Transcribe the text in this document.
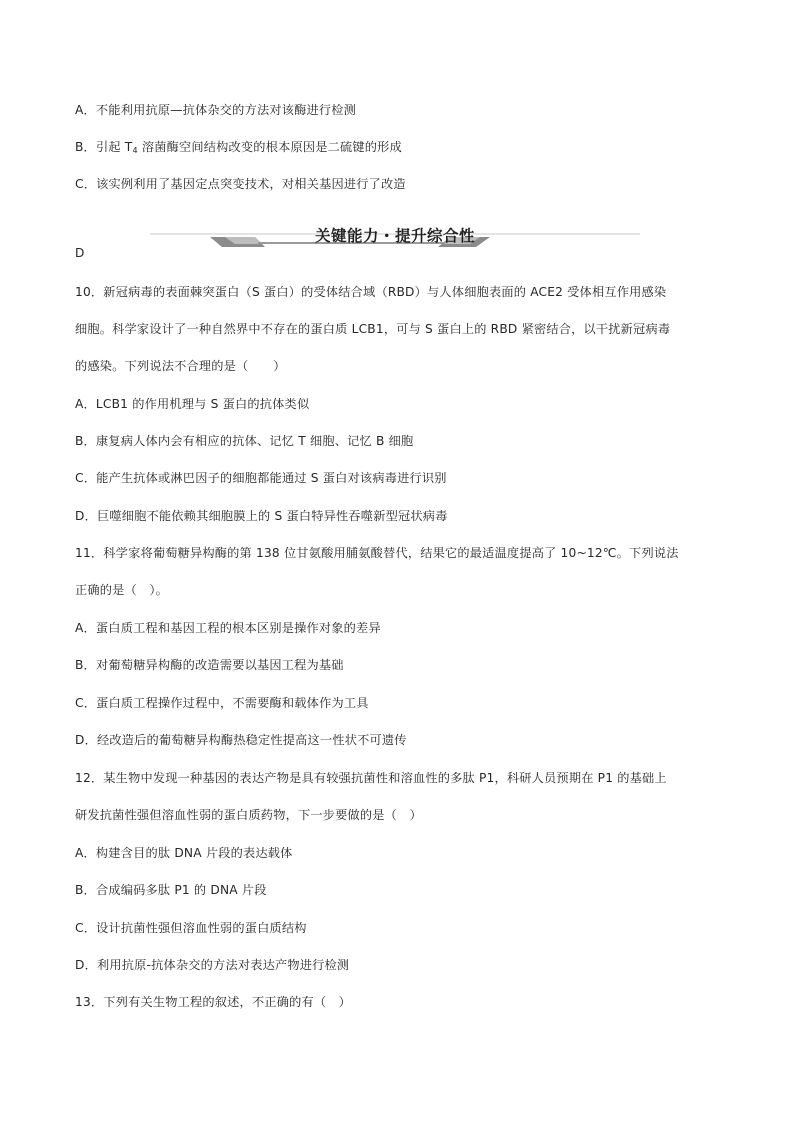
A．不能利用抗原—抗体杂交的方法对该酶进行检测
B．引起 $T_4$ 溶菌酶空间结构改变的根本原因是二硫键的形成
C．该实例利用了基因定点突变技术，对相关基因进行了改造
关键能力・提升综合性
D
10．新冠病毒的表面棘突蛋白（S 蛋白）的受体结合域（RBD）与人体细胞表面的 ACE2 受体相互作用感染
细胞。科学家设计了一种自然界中不存在的蛋白质 LCB1，可与 S 蛋白上的 RBD 紧密结合，以干扰新冠病毒
的感染。下列说法不合理的是（　　）
A．LCB1 的作用机理与 S 蛋白的抗体类似
B．康复病人体内会有相应的抗体、记忆 T 细胞、记忆 B 细胞
C．能产生抗体或淋巴因子的细胞都能通过 S 蛋白对该病毒进行识别
D．巨噬细胞不能依赖其细胞膜上的 S 蛋白特异性吞噬新型冠状病毒
11．科学家将葡萄糖异构酶的第 138 位甘氨酸用脯氨酸替代，结果它的最适温度提高了 10~12℃。下列说法
正确的是（　）。
A．蛋白质工程和基因工程的根本区别是操作对象的差异
B．对葡萄糖异构酶的改造需要以基因工程为基础
C．蛋白质工程操作过程中，不需要酶和载体作为工具
D．经改造后的葡萄糖异构酶热稳定性提高这一性状不可遗传
12．某生物中发现一种基因的表达产物是具有较强抗菌性和溶血性的多肽 P1，科研人员预期在 P1 的基础上
研发抗菌性强但溶血性弱的蛋白质药物，下一步要做的是（　）
A．构建含目的肽 DNA 片段的表达载体
B．合成编码多肽 P1 的 DNA 片段
C．设计抗菌性强但溶血性弱的蛋白质结构
D．利用抗原-抗体杂交的方法对表达产物进行检测
13．下列有关生物工程的叙述，不正确的有（　）
